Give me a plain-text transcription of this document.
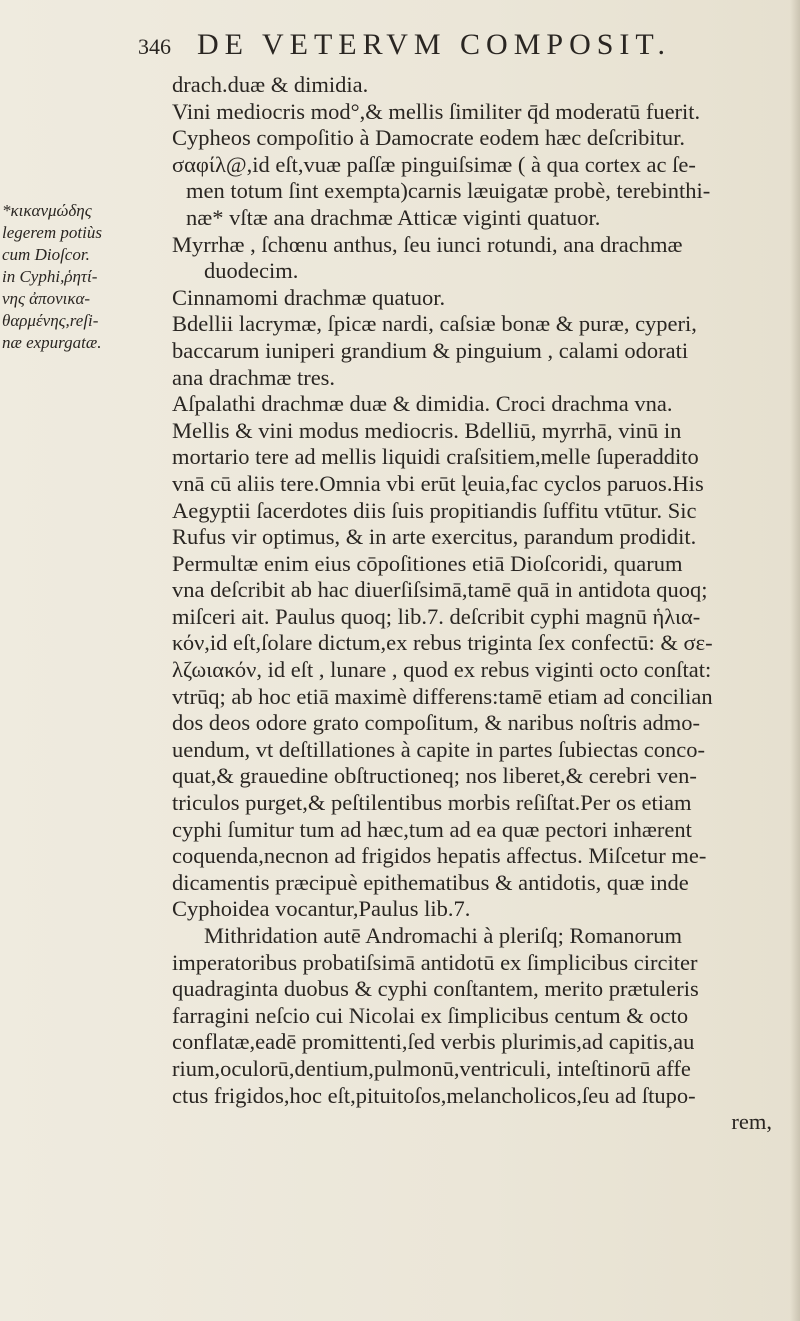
346 DE VETERVM COMPOSIT.
*κικανμώδης
legerem potiùs
cum Dioſcor.
in Cyphi,ῥητί-
νης ἀπονικα-
θαρμένης,reſi-
næ expurgatæ.
drach.duæ & dimidia.
Vini mediocris mod°,& mellis ſimiliter q̄d moderatū fuerit.
Cypheos compoſitio à Damocrate eodem hæc deſcribitur.
σαφίλ@,id eſt,vuæ paſſæ pinguiſsimæ ( à qua cortex ac ſe-
men totum ſint exempta)carnis læuigatæ probè, terebinthi-
næ* vſtæ ana drachmæ Atticæ viginti quatuor.
Myrrhæ , ſchœnu anthus, ſeu iunci rotundi, ana drachmæ
duodecim.
Cinnamomi drachmæ quatuor.
Bdellii lacrymæ, ſpicæ nardi, caſsiæ bonæ & puræ, cyperi,
baccarum iuniperi grandium & pinguium , calami odorati
ana drachmæ tres.
Aſpalathi drachmæ duæ & dimidia. Croci drachma vna.
Mellis & vini modus mediocris. Bdelliū, myrrhā, vinū in
mortario tere ad mellis liquidi craſsitiem,melle ſuperaddito
vnā cū aliis tere.Omnia vbi erūt l̨euia,fac cyclos paruos.His
Aegyptii ſacerdotes diis ſuis propitiandis ſuffitu vtūtur. Sic
Rufus vir optimus, & in arte exercitus, parandum prodidit.
Permultæ enim eius cōpoſitiones etiā Dioſcoridi, quarum
vna deſcribit ab hac diuerſiſsimā,tamē quā in antidota quoq;
miſceri ait. Paulus quoq; lib.7. deſcribit cyphi magnū ἡλια-
κόν,id eſt,ſolare dictum,ex rebus triginta ſex confectū: & σε-
λζωιακόν, id eſt , lunare , quod ex rebus viginti octo conſtat:
vtrūq; ab hoc etiā maximè differens:tamē etiam ad concilian
dos deos odore grato compoſitum, & naribus noſtris admo-
uendum, vt deſtillationes à capite in partes ſubiectas conco-
quat,& grauedine obſtructioneq; nos liberet,& cerebri ven-
triculos purget,& peſtilentibus morbis reſiſtat.Per os etiam
cyphi ſumitur tum ad hæc,tum ad ea quæ pectori inhærent
coquenda,necnon ad frigidos hepatis affectus. Miſcetur me-
dicamentis præcipuè epithematibus & antidotis, quæ inde
Cyphoidea vocantur,Paulus lib.7.
Mithridation autē Andromachi à pleriſq; Romanorum
imperatoribus probatiſsimā antidotū ex ſimplicibus circiter
quadraginta duobus & cyphi conſtantem, merito prætuleris
farragini neſcio cui Nicolai ex ſimplicibus centum & octo
conflatæ,eadē promittenti,ſed verbis plurimis,ad capitis,au
rium,oculorū,dentium,pulmonū,ventriculi, inteſtinorū affe
ctus frigidos,hoc eſt,pituitoſos,melancholicos,ſeu ad ſtupo-
rem,
